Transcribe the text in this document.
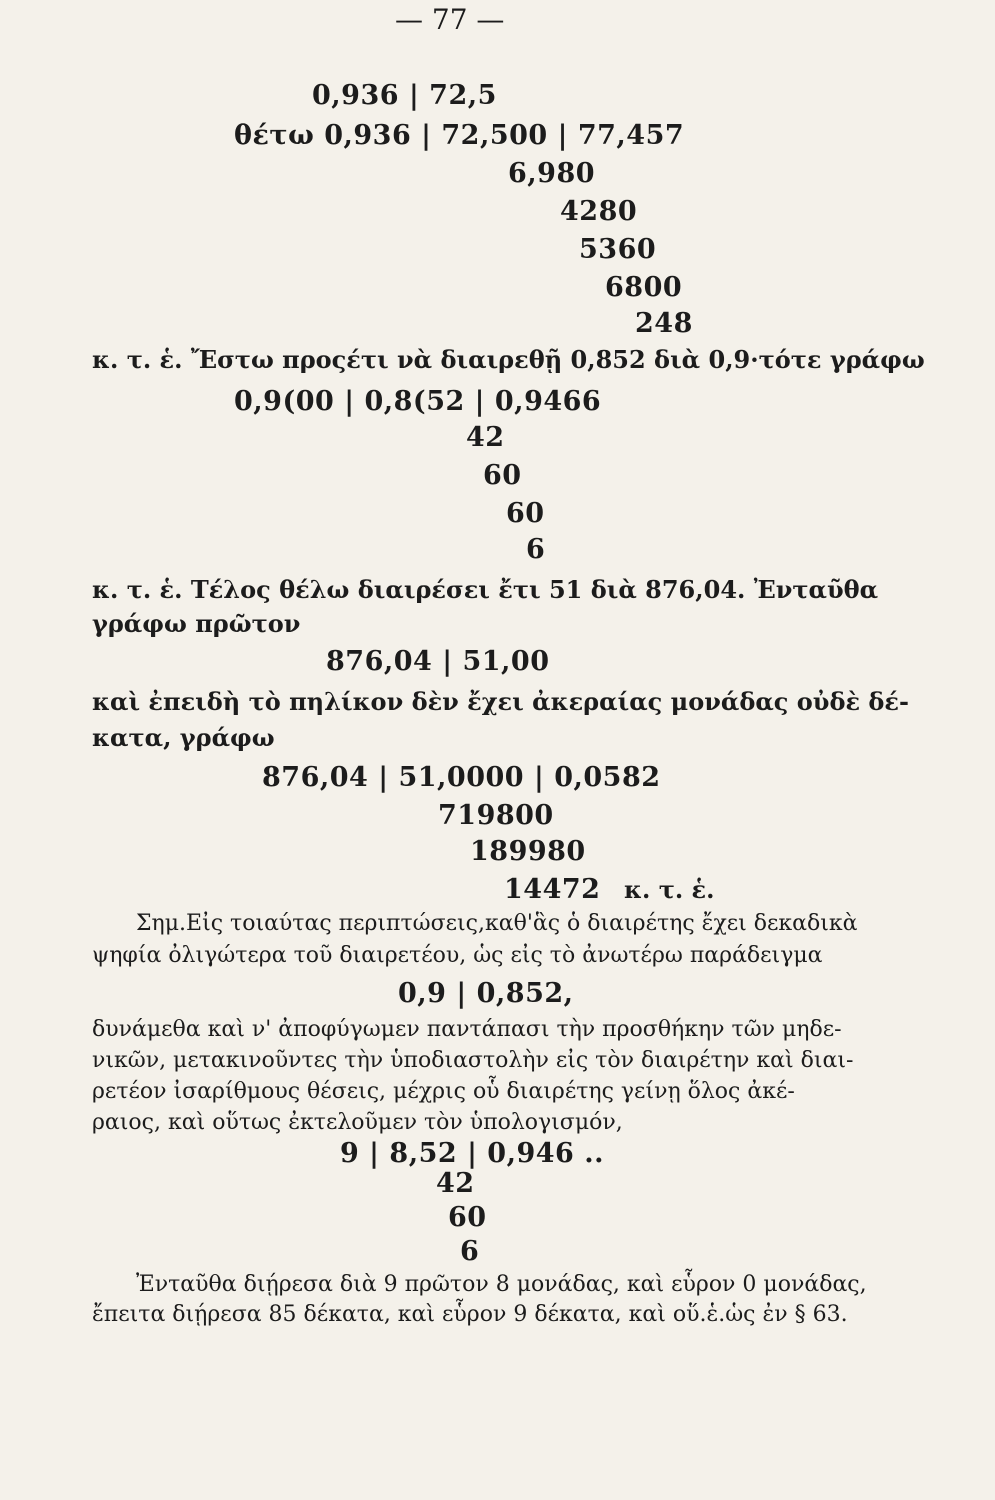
— 77 —
0,936 | 72,5
θέτω 0,936 | 72,500 | 77,457
6,980
4280
5360
6800
248
κ. τ. ἑ. Ἔστω προςέτι νὰ διαιρεθῇ 0,852 διὰ 0,9·τότε γράφω
0,9(00 | 0,8(52 | 0,9466
42
60
60
6
κ. τ. ἑ. Τέλος θέλω διαιρέσει ἔτι 51 διὰ 876,04. Ἐνταῦθα
γράφω πρῶτον
876,04 | 51,00
καὶ ἐπειδὴ τὸ πηλίκον δὲν ἔχει ἀκεραίας μονάδας οὐδὲ δέ-
κατα, γράφω
876,04 | 51,0000 | 0,0582
719800
189980
14472 κ. τ. ἑ.
Σημ.Εἰς τοιαύτας περιπτώσεις,καθ'ἃς ὁ διαιρέτης ἔχει δεκαδικὰ
ψηφία ὀλιγώτερα τοῦ διαιρετέου, ὡς εἰς τὸ ἀνωτέρω παράδειγμα
0,9 | 0,852,
δυνάμεθα καὶ ν' ἀποφύγωμεν παντάπασι τὴν προσθήκην τῶν μηδε-
νικῶν, μετακινοῦντες τὴν ὑποδιαστολὴν εἰς τὸν διαιρέτην καὶ διαι-
ρετέον ἰσαρίθμους θέσεις, μέχρις οὗ διαιρέτης γείνῃ ὅλος ἀκέ-
ραιος, καὶ οὕτως ἐκτελοῦμεν τὸν ὑπολογισμόν,
9 | 8,52 | 0,946 ..
42
60
6
Ἐνταῦθα διῄρεσα διὰ 9 πρῶτον 8 μονάδας, καὶ εὗρον 0 μονάδας,
ἔπειτα διῄρεσα 85 δέκατα, καὶ εὗρον 9 δέκατα, καὶ οὕ.ἑ.ὡς ἐν § 63.
